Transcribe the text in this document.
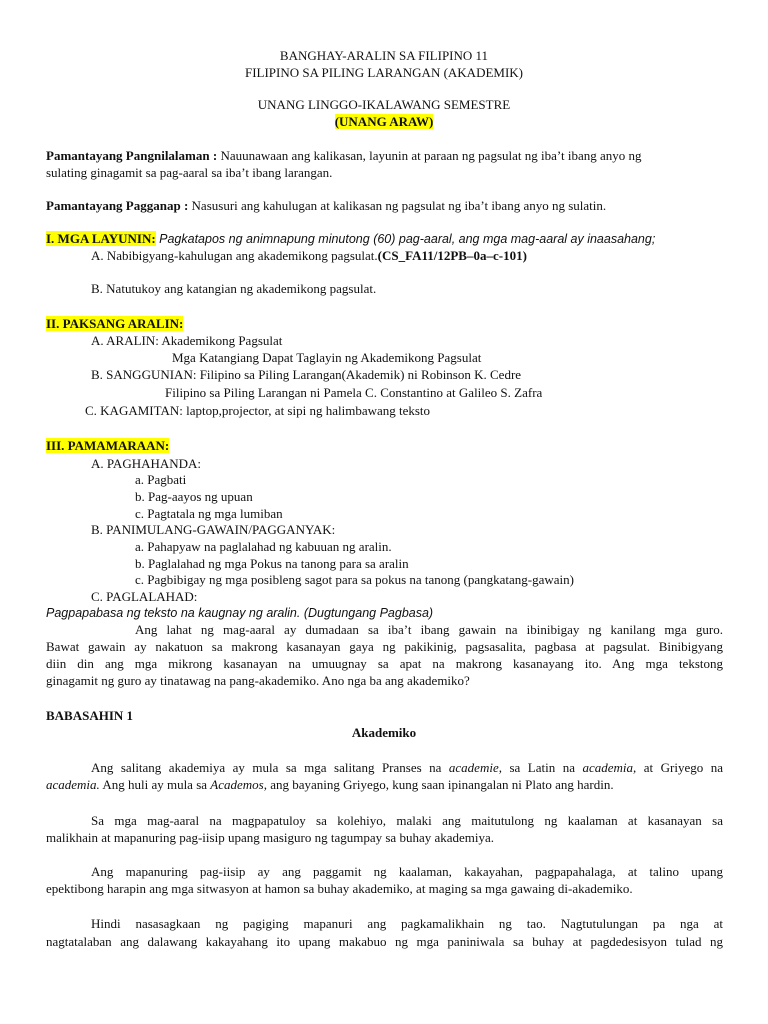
BANGHAY-ARALIN SA FILIPINO 11
FILIPINO SA PILING LARANGAN (AKADEMIK)
UNANG LINGGO-IKALAWANG SEMESTRE
(UNANG ARAW)
Pamantayang Pangnilalaman : Nauunawaan ang kalikasan, layunin at paraan ng pagsulat ng iba’t ibang anyo ng
sulating ginagamit sa pag-aaral sa iba’t ibang larangan.
Pamantayang Pagganap : Nasusuri ang kahulugan at kalikasan ng pagsulat ng iba’t ibang anyo ng sulatin.
I. MGA LAYUNIN: Pagkatapos ng animnapung minutong (60) pag-aaral, ang mga mag-aaral ay inaasahang;
A. Nabibigyang-kahulugan ang akademikong pagsulat.(CS_FA11/12PB–0a–c-101)
B. Natutukoy ang katangian ng akademikong pagsulat.
II. PAKSANG ARALIN:
A. ARALIN: Akademikong Pagsulat
Mga Katangiang Dapat Taglayin ng Akademikong Pagsulat
B. SANGGUNIAN: Filipino sa Piling Larangan(Akademik) ni Robinson K. Cedre
Filipino sa Piling Larangan ni Pamela C. Constantino at Galileo S. Zafra
C. KAGAMITAN: laptop,projector, at sipi ng halimbawang teksto
III. PAMAMARAAN:
A. PAGHAHANDA:
a. Pagbati
b. Pag-aayos ng upuan
c. Pagtatala ng mga lumiban
B. PANIMULANG-GAWAIN/PAGGANYAK:
a. Pahapyaw na paglalahad ng kabuuan ng aralin.
b. Paglalahad ng mga Pokus na tanong para sa aralin
c. Pagbibigay ng mga posibleng sagot para sa pokus na tanong (pangkatang-gawain)
C. PAGLALAHAD:
Pagpapabasa ng teksto na kaugnay ng aralin. (Dugtungang Pagbasa)
Ang lahat ng mag-aaral ay dumadaan sa iba’t ibang gawain na ibinibigay ng kanilang mga guro.
Bawat gawain ay nakatuon sa makrong kasanayan gaya ng pakikinig, pagsasalita, pagbasa at pagsulat. Binibigyang
diin din ang mga mikrong kasanayan na umuugnay sa apat na makrong kasanayang ito. Ang mga tekstong
ginagamit ng guro ay tinatawag na pang-akademiko. Ano nga ba ang akademiko?
BABASAHIN 1
Akademiko
Ang salitang akademiya ay mula sa mga salitang Pranses na academie, sa Latin na academia, at Griyego na
academia. Ang huli ay mula sa Academos, ang bayaning Griyego, kung saan ipinangalan ni Plato ang hardin.
Sa mga mag-aaral na magpapatuloy sa kolehiyo, malaki ang maitutulong ng kaalaman at kasanayan sa
malikhain at mapanuring pag-iisip upang masiguro ng tagumpay sa buhay akademiya.
Ang mapanuring pag-iisip ay ang paggamit ng kaalaman, kakayahan, pagpapahalaga, at talino upang
epektibong harapin ang mga sitwasyon at hamon sa buhay akademiko, at maging sa mga gawaing di-akademiko.
Hindi nasasagkaan ng pagiging mapanuri ang pagkamalikhain ng tao. Nagtutulungan pa nga at
nagtatalaban ang dalawang kakayahang ito upang makabuo ng mga paniniwala sa buhay at pagdedesisyon tulad ng
